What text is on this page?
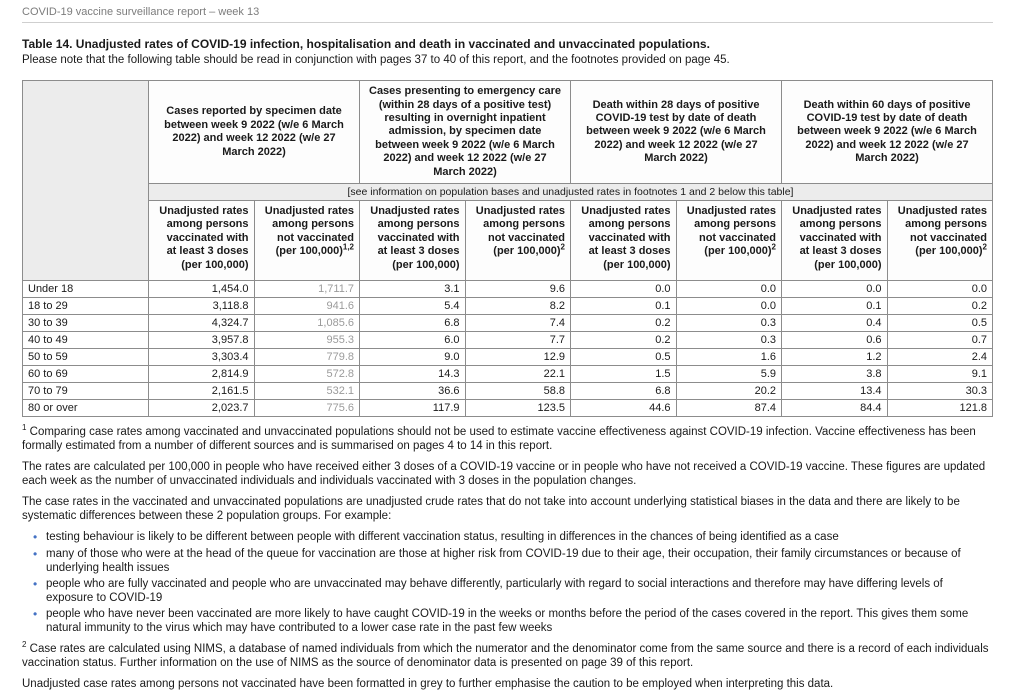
COVID-19 vaccine surveillance report – week 13
Table 14. Unadjusted rates of COVID-19 infection, hospitalisation and death in vaccinated and unvaccinated populations.
Please note that the following table should be read in conjunction with pages 37 to 40 of this report, and the footnotes provided on page 45.
	Cases reported by specimen date between week 9 2022 (w/e 6 March 2022) and week 12 2022 (w/e 27 March 2022)		Cases presenting to emergency care (within 28 days of a positive test) resulting in overnight inpatient admission, by specimen date between week 9 2022 (w/e 6 March 2022) and week 12 2022 (w/e 27 March 2022)		Death within 28 days of positive COVID-19 test by date of death between week 9 2022 (w/e 6 March 2022) and week 12 2022 (w/e 27 March 2022)		Death within 60 days of positive COVID-19 test by date of death between week 9 2022 (w/e 6 March 2022) and week 12 2022 (w/e 27 March 2022)	
	[see information on population bases and unadjusted rates in footnotes 1 and 2 below this table]							
	Unadjusted rates among persons vaccinated with at least 3 doses (per 100,000)	Unadjusted rates among persons not vaccinated (per 100,000)$^{1,2}$	Unadjusted rates among persons vaccinated with at least 3 doses (per 100,000)	Unadjusted rates among persons not vaccinated (per 100,000)$^2$	Unadjusted rates among persons vaccinated with at least 3 doses (per 100,000)	Unadjusted rates among persons not vaccinated (per 100,000)$^2$	Unadjusted rates among persons vaccinated with at least 3 doses (per 100,000)	Unadjusted rates among persons not vaccinated (per 100,000)$^2$
Under 18	1,454.0	1,711.7	3.1	9.6	0.0	0.0	0.0	0.0
18 to 29	3,118.8	941.6	5.4	8.2	0.1	0.0	0.1	0.2
30 to 39	4,324.7	1,085.6	6.8	7.4	0.2	0.3	0.4	0.5
40 to 49	3,957.8	955.3	6.0	7.7	0.2	0.3	0.6	0.7
50 to 59	3,303.4	779.8	9.0	12.9	0.5	1.6	1.2	2.4
60 to 69	2,814.9	572.8	14.3	22.1	1.5	5.9	3.8	9.1
70 to 79	2,161.5	532.1	36.6	58.8	6.8	20.2	13.4	30.3
80 or over	2,023.7	775.6	117.9	123.5	44.6	87.4	84.4	121.8

$^1$ Comparing case rates among vaccinated and unvaccinated populations should not be used to estimate vaccine effectiveness against COVID-19 infection. Vaccine effectiveness has been formally estimated from a number of different sources and is summarised on pages 4 to 14 in this report.

The rates are calculated per 100,000 in people who have received either 3 doses of a COVID-19 vaccine or in people who have not received a COVID-19 vaccine. These figures are updated each week as the number of unvaccinated individuals and individuals vaccinated with 3 doses in the population changes.

The case rates in the vaccinated and unvaccinated populations are unadjusted crude rates that do not take into account underlying statistical biases in the data and there are likely to be systematic differences between these 2 population groups. For example:

• testing behaviour is likely to be different between people with different vaccination status, resulting in differences in the chances of being identified as a case
• many of those who were at the head of the queue for vaccination are those at higher risk from COVID-19 due to their age, their occupation, their family circumstances or because of underlying health issues
• people who are fully vaccinated and people who are unvaccinated may behave differently, particularly with regard to social interactions and therefore may have differing levels of exposure to COVID-19
• people who have never been vaccinated are more likely to have caught COVID-19 in the weeks or months before the period of the cases covered in the report. This gives them some natural immunity to the virus which may have contributed to a lower case rate in the past few weeks

$^2$ Case rates are calculated using NIMS, a database of named individuals from which the numerator and the denominator come from the same source and there is a record of each individuals vaccination status. Further information on the use of NIMS as the source of denominator data is presented on page 39 of this report.

Unadjusted case rates among persons not vaccinated have been formatted in grey to further emphasise the caution to be employed when interpreting this data.
